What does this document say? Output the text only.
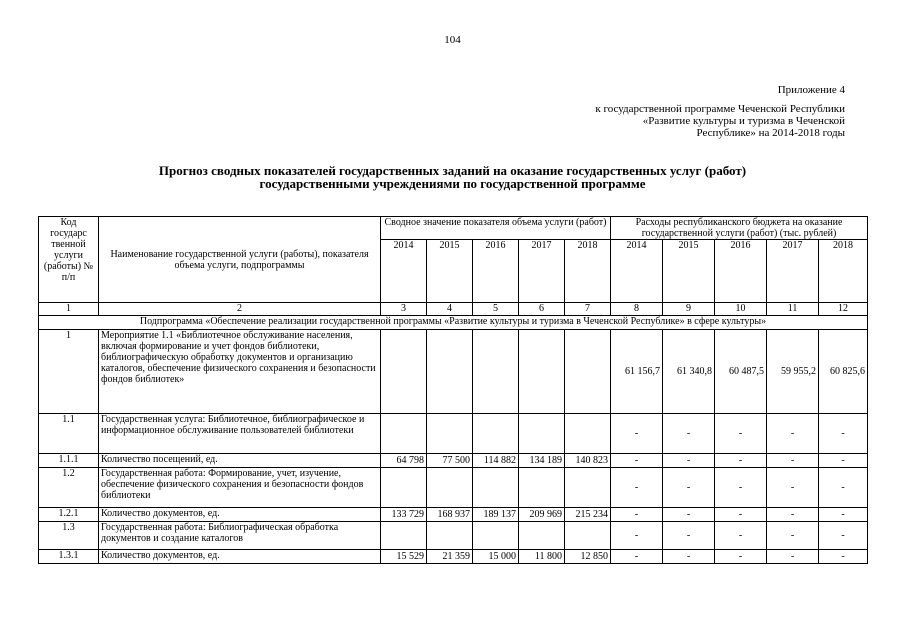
104
Приложение 4
к государственной программе Чеченской Республики
«Развитие культуры и туризма в Чеченской
Республике» на 2014-2018 годы
Прогноз сводных показателей государственных заданий на оказание государственных услуг (работ)
государственными учреждениями по государственной программе
Код государс твенной услуги (работы) № п/п	Наименование государственной услуги (работы), показателя объема услуги, подпрограммы	Сводное значение показателя объема услуги (работ)					Расходы республиканского бюджета на оказание государственной услуги (работ) (тыс. рублей)				
		2014	2015	2016	2017	2018	2014	2015	2016	2017	2018
1	2	3	4	5	6	7	8	9	10	11	12
Подпрограмма «Обеспечение реализации государственной программы «Развитие культуры и туризма в Чеченской Республике» в сфере культуры»											
1	Мероприятие 1.1 «Библиотечное обслуживание населения, включая формирование и учет фондов библиотеки, библиографическую обработку документов и организацию каталогов, обеспечение физического сохранения и безопасности фондов библиотек»						61 156,7	61 340,8	60 487,5	59 955,2	60 825,6
1.1	Государственная услуга: Библиотечное, библиографическое и информационное обслуживание пользователей библиотеки						-	-	-	-	-
1.1.1	Количество посещений, ед.	64 798	77 500	114 882	134 189	140 823	-	-	-	-	-
1.2	Государственная работа: Формирование, учет, изучение, обеспечение физического сохранения и безопасности фондов библиотеки						-	-	-	-	-
1.2.1	Количество документов, ед.	133 729	168 937	189 137	209 969	215 234	-	-	-	-	-
1.3	Государственная работа: Библиографическая обработка документов и создание каталогов						-	-	-	-	-
1.3.1	Количество документов, ед.	15 529	21 359	15 000	11 800	12 850	-	-	-	-	-
